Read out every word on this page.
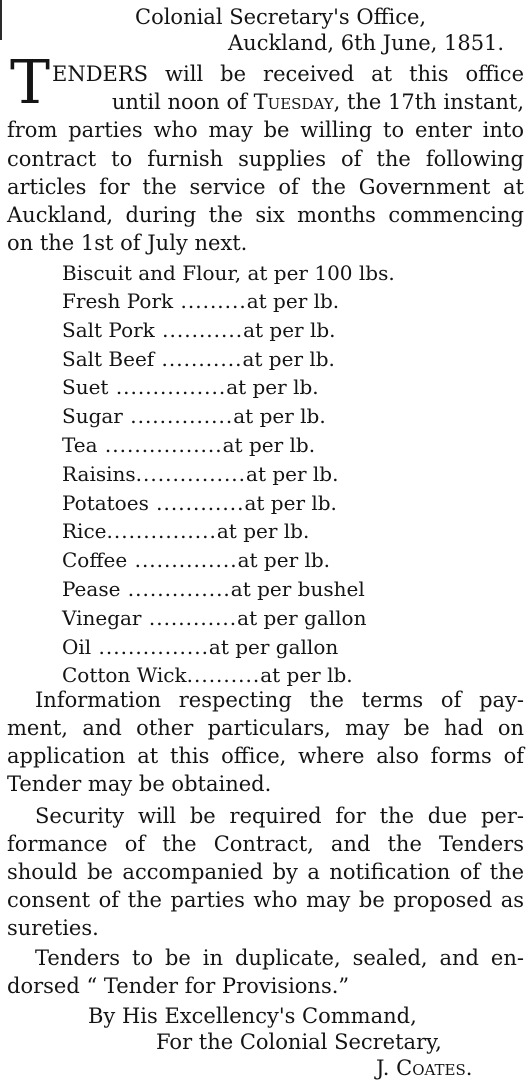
Colonial Secretary's Office,
Auckland, 6th June, 1851.
T ENDERS will be received at this office
until noon of Tuesday, the 17th instant,
from parties who may be willing to enter into
contract to furnish supplies of the following
articles for the service of the Government at
Auckland, during the six months commencing
on the 1st of July next.
Biscuit and Flour, at per 100 lbs.
Fresh Pork .........at per lb.
Salt Pork ...........at per lb.
Salt Beef ...........at per lb.
Suet ...............at per lb.
Sugar ..............at per lb.
Tea ................at per lb.
Raisins...............at per lb.
Potatoes ............at per lb.
Rice...............at per lb.
Coffee ..............at per lb.
Pease ..............at per bushel
Vinegar ............at per gallon
Oil ...............at per gallon
Cotton Wick..........at per lb.
Information respecting the terms of pay-
ment, and other particulars, may be had on
application at this office, where also forms of
Tender may be obtained.
Security will be required for the due per-
formance of the Contract, and the Tenders
should be accompanied by a notification of the
consent of the parties who may be proposed as
sureties.
Tenders to be in duplicate, sealed, and en-
dorsed “ Tender for Provisions.”
By His Excellency's Command,
For the Colonial Secretary,
J. Coates.
